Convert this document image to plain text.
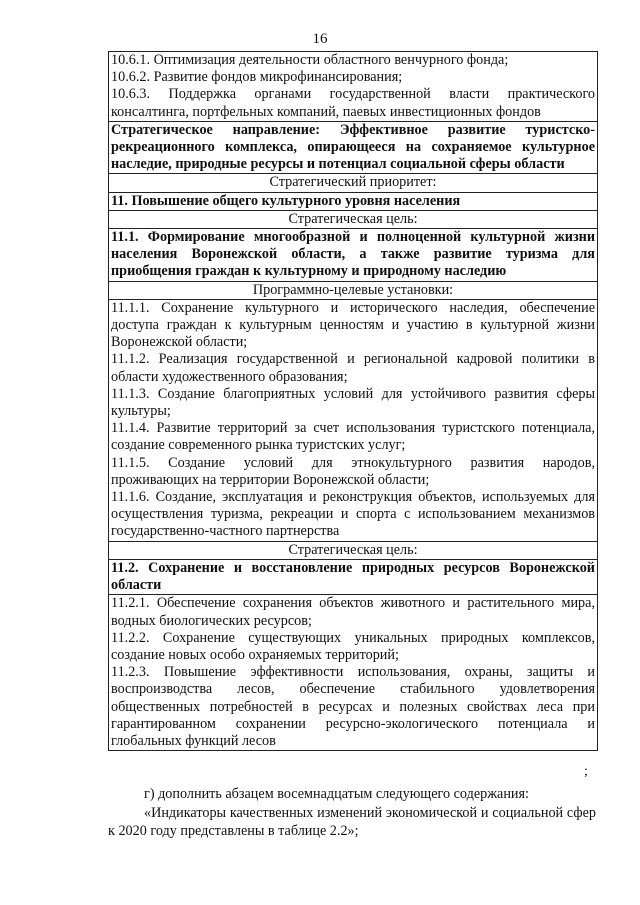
16

10.6.1. Оптимизация деятельности областного венчурного фонда;

10.6.2. Развитие фондов микрофинансирования;

10.6.3. Поддержка органами государственной власти практического консалтинга, портфельных компаний, паевых инвестиционных фондов

Стратегическое направление: Эффективное развитие туристско-рекреационного комплекса, опирающееся на сохраняемое культурное наследие, природные ресурсы и потенциал социальной сферы области
Стратегический приоритет:
11. Повышение общего культурного уровня населения
Стратегическая цель:
11.1. Формирование многообразной и полноценной культурной жизни населения Воронежской области, а также развитие туризма для приобщения граждан к культурному и природному наследию
Программно-целевые установки:

11.1.1. Сохранение культурного и исторического наследия, обеспечение доступа граждан к культурным ценностям и участию в культурной жизни Воронежской области;

11.1.2. Реализация государственной и региональной кадровой политики в области художественного образования;

11.1.3. Создание благоприятных условий для устойчивого развития сферы культуры;

11.1.4. Развитие территорий за счет использования туристского потенциала, создание современного рынка туристских услуг;

11.1.5. Создание условий для этнокультурного развития народов, проживающих на территории Воронежской области;

11.1.6. Создание, эксплуатация и реконструкция объектов, используемых для осуществления туризма, рекреации и спорта с использованием механизмов государственно-частного партнерства

Стратегическая цель:
11.2. Сохранение и восстановление природных ресурсов Воронежской области

11.2.1. Обеспечение сохранения объектов животного и растительного мира, водных биологических ресурсов;

11.2.2. Сохранение существующих уникальных природных комплексов, создание новых особо охраняемых территорий;

11.2.3. Повышение эффективности использования, охраны, защиты и воспроизводства лесов, обеспечение стабильного удовлетворения общественных потребностей в ресурсах и полезных свойствах леса при гарантированном сохранении ресурсно-экологического потенциала и глобальных функций лесов

;
г) дополнить абзацем восемнадцатым следующего содержания:
«Индикаторы качественных изменений экономической и социальной сфер к 2020 году представлены в таблице 2.2»;
